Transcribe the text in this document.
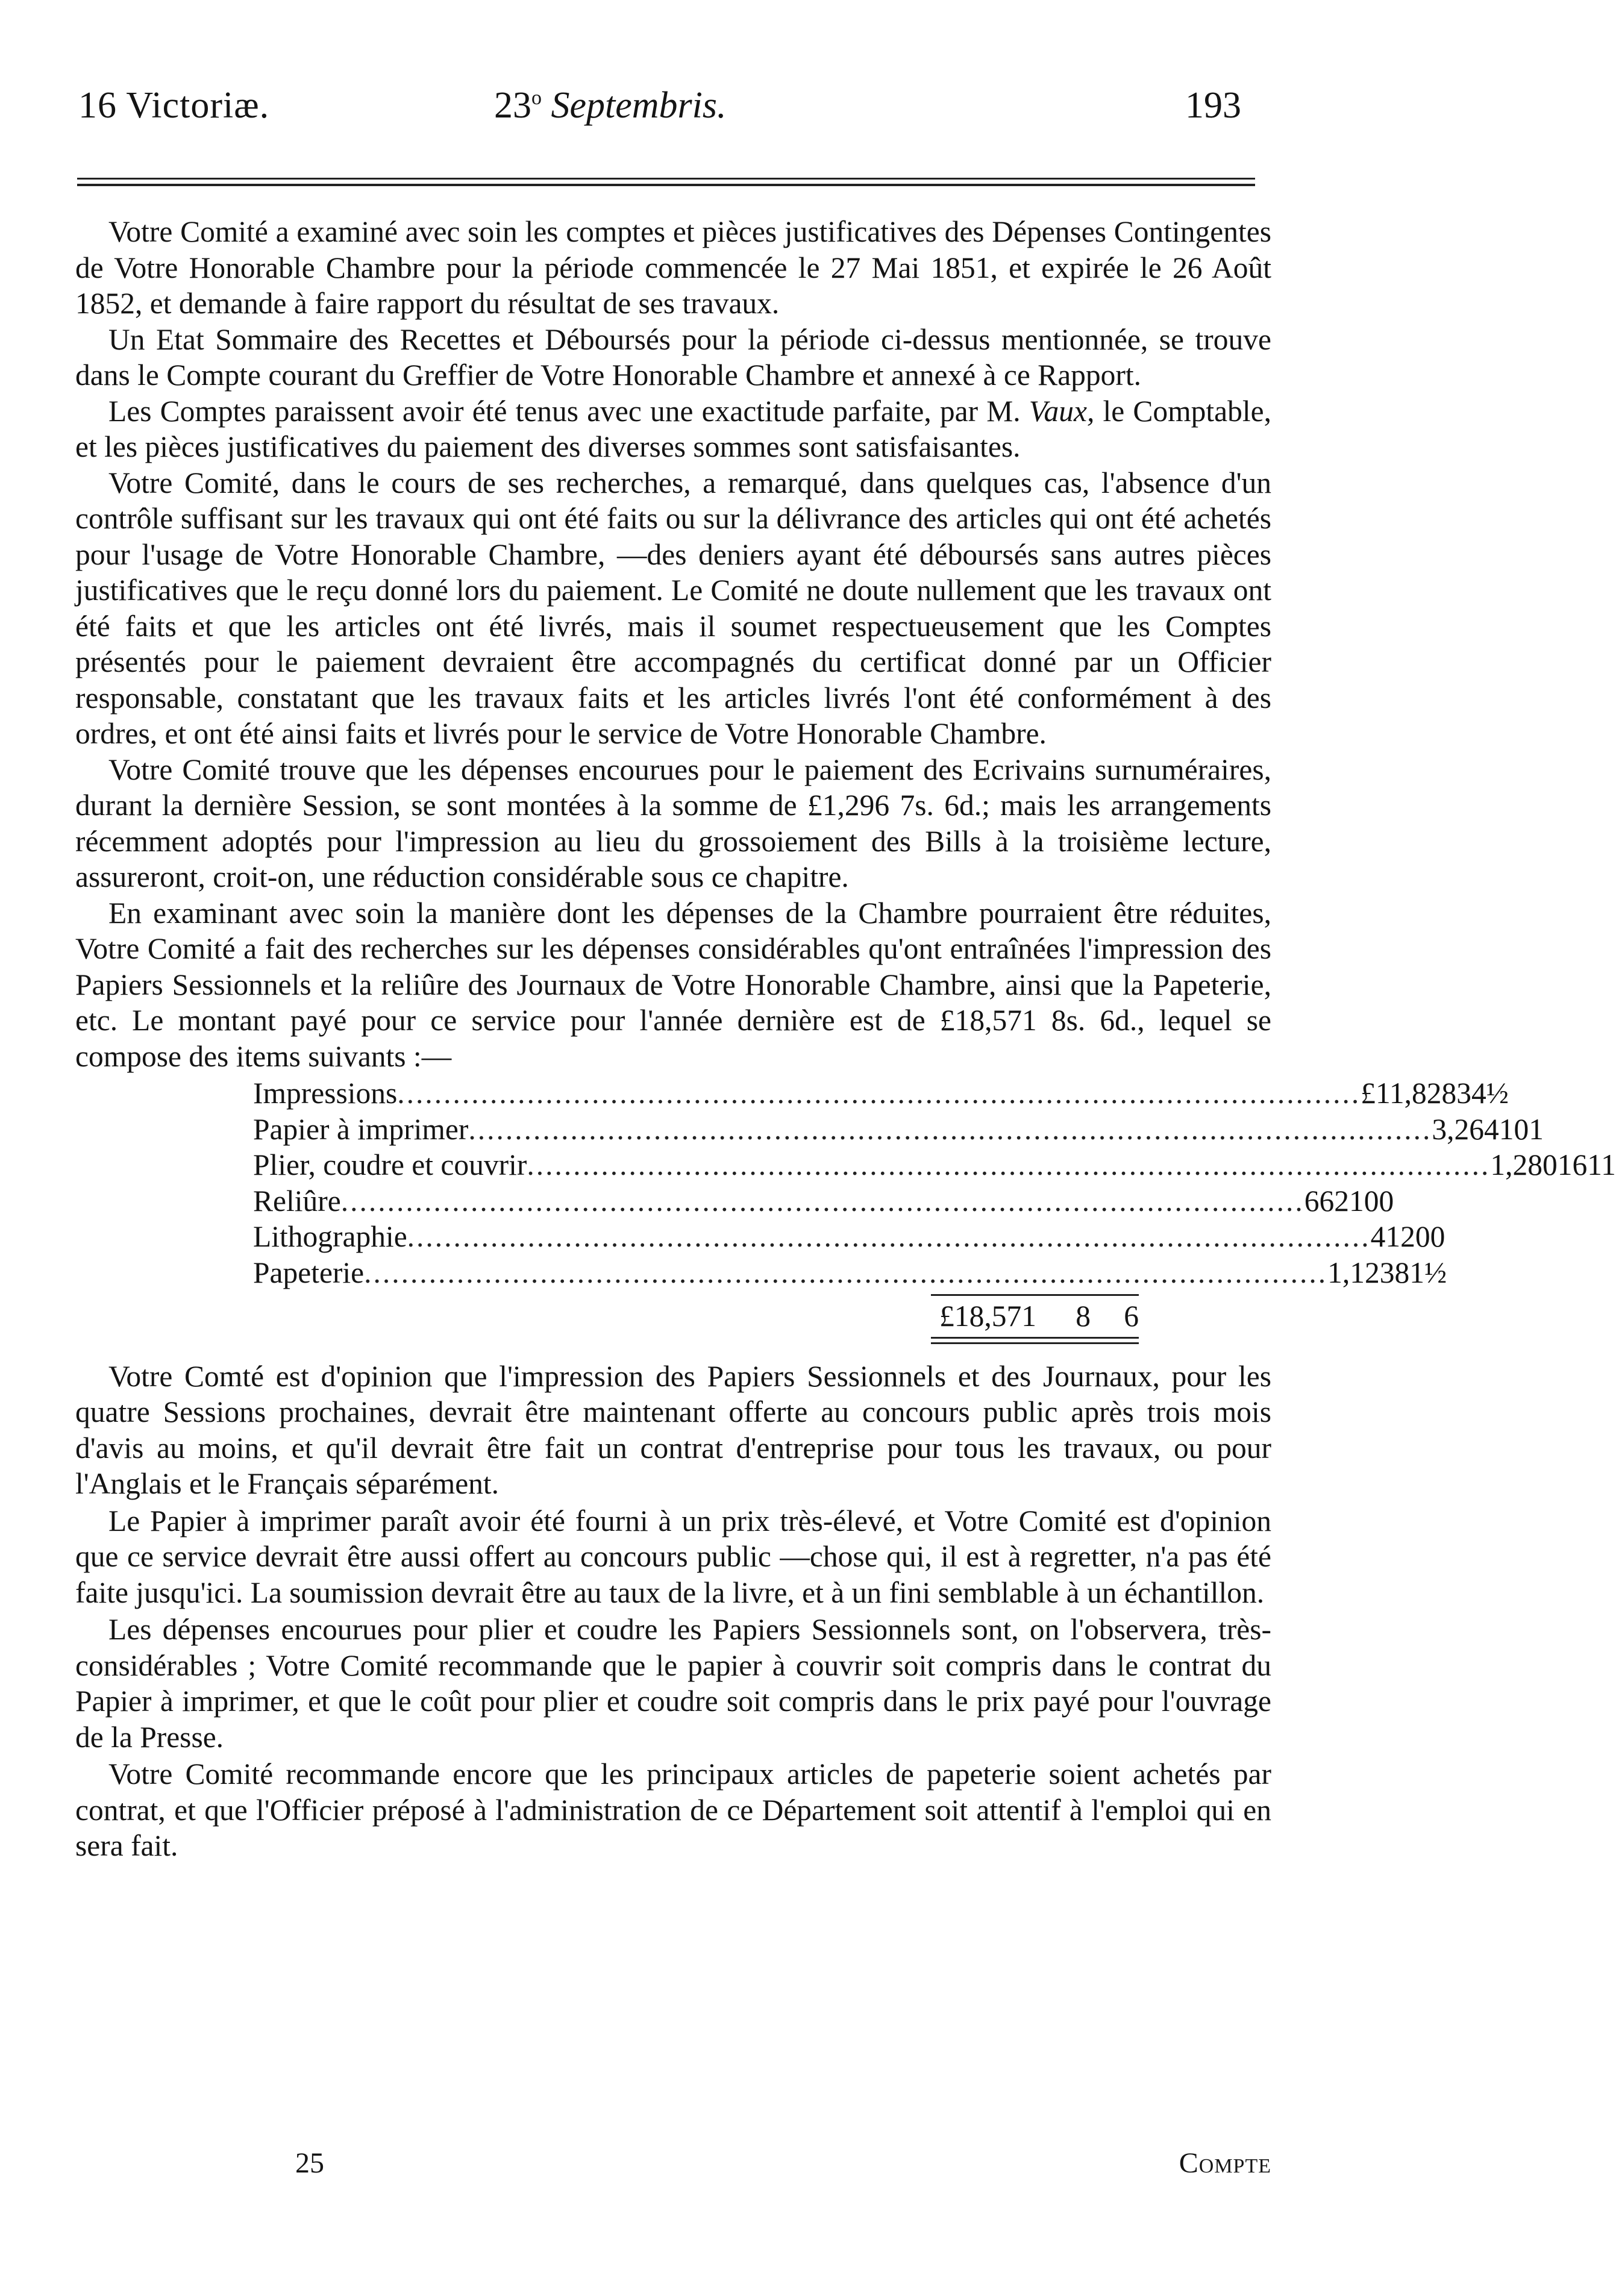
16 Victoriæ.	23$^o$ Septembris.	193

Votre Comité a examiné avec soin les comptes et pièces justificatives des Dépenses Contingentes de Votre Honorable Chambre pour la période commencée le 27 Mai 1851, et expirée le 26 Août 1852, et demande à faire rapport du résultat de ses travaux.

Un Etat Sommaire des Recettes et Déboursés pour la période ci-dessus mentionnée, se trouve dans le Compte courant du Greffier de Votre Honorable Chambre et annexé à ce Rapport.

Les Comptes paraissent avoir été tenus avec une exactitude parfaite, par M. Vaux, le Comptable, et les pièces justificatives du paiement des diverses sommes sont satisfaisantes.

Votre Comité, dans le cours de ses recherches, a remarqué, dans quelques cas, l'absence d'un contrôle suffisant sur les travaux qui ont été faits ou sur la délivrance des articles qui ont été achetés pour l'usage de Votre Honorable Chambre, —des deniers ayant été déboursés sans autres pièces justificatives que le reçu donné lors du paiement. Le Comité ne doute nullement que les travaux ont été faits et que les articles ont été livrés, mais il soumet respectueusement que les Comptes présentés pour le paiement devraient être accompagnés du certificat donné par un Officier responsable, constatant que les travaux faits et les articles livrés l'ont été conformément à des ordres, et ont été ainsi faits et livrés pour le service de Votre Honorable Chambre.

Votre Comité trouve que les dépenses encourues pour le paiement des Ecrivains surnuméraires, durant la dernière Session, se sont montées à la somme de £1,296 7s. 6d.; mais les arrangements récemment adoptés pour l'impression au lieu du grossoiement des Bills à la troisième lecture, assureront, croit-on, une réduction considérable sous ce chapitre.

En examinant avec soin la manière dont les dépenses de la Chambre pourraient être réduites, Votre Comité a fait des recherches sur les dépenses considérables qu'ont entraînées l'impression des Papiers Sessionnels et la reliûre des Journaux de Votre Honorable Chambre, ainsi que la Papeterie, etc. Le montant payé pour ce service pour l'année dernière est de £18,571 8s. 6d., lequel se compose des items suivants :—

Impressions ........................................................................................................ £11,828 3 4½
Papier à imprimer ........................................................................................................ 3,264 10 1
Plier, coudre et couvrir ........................................................................................................ 1,280 16 11
Reliûre ........................................................................................................ 662 10 0
Lithographie ........................................................................................................ 412 0 0
Papeterie ........................................................................................................ 1,123 8 1½
£18,571	8	6

Votre Comté est d'opinion que l'impression des Papiers Sessionnels et des Journaux, pour les quatre Sessions prochaines, devrait être maintenant offerte au concours public après trois mois d'avis au moins, et qu'il devrait être fait un contrat d'entreprise pour tous les travaux, ou pour l'Anglais et le Français séparément.

Le Papier à imprimer paraît avoir été fourni à un prix très-élevé, et Votre Comité est d'opinion que ce service devrait être aussi offert au concours public —chose qui, il est à regretter, n'a pas été faite jusqu'ici. La soumission devrait être au taux de la livre, et à un fini semblable à un échantillon.

Les dépenses encourues pour plier et coudre les Papiers Sessionnels sont, on l'observera, très-considérables ; Votre Comité recommande que le papier à couvrir soit compris dans le contrat du Papier à imprimer, et que le coût pour plier et coudre soit compris dans le prix payé pour l'ouvrage de la Presse.

Votre Comité recommande encore que les principaux articles de papeterie soient achetés par contrat, et que l'Officier préposé à l'administration de ce Département soit attentif à l'emploi qui en sera fait.

25	Compte
